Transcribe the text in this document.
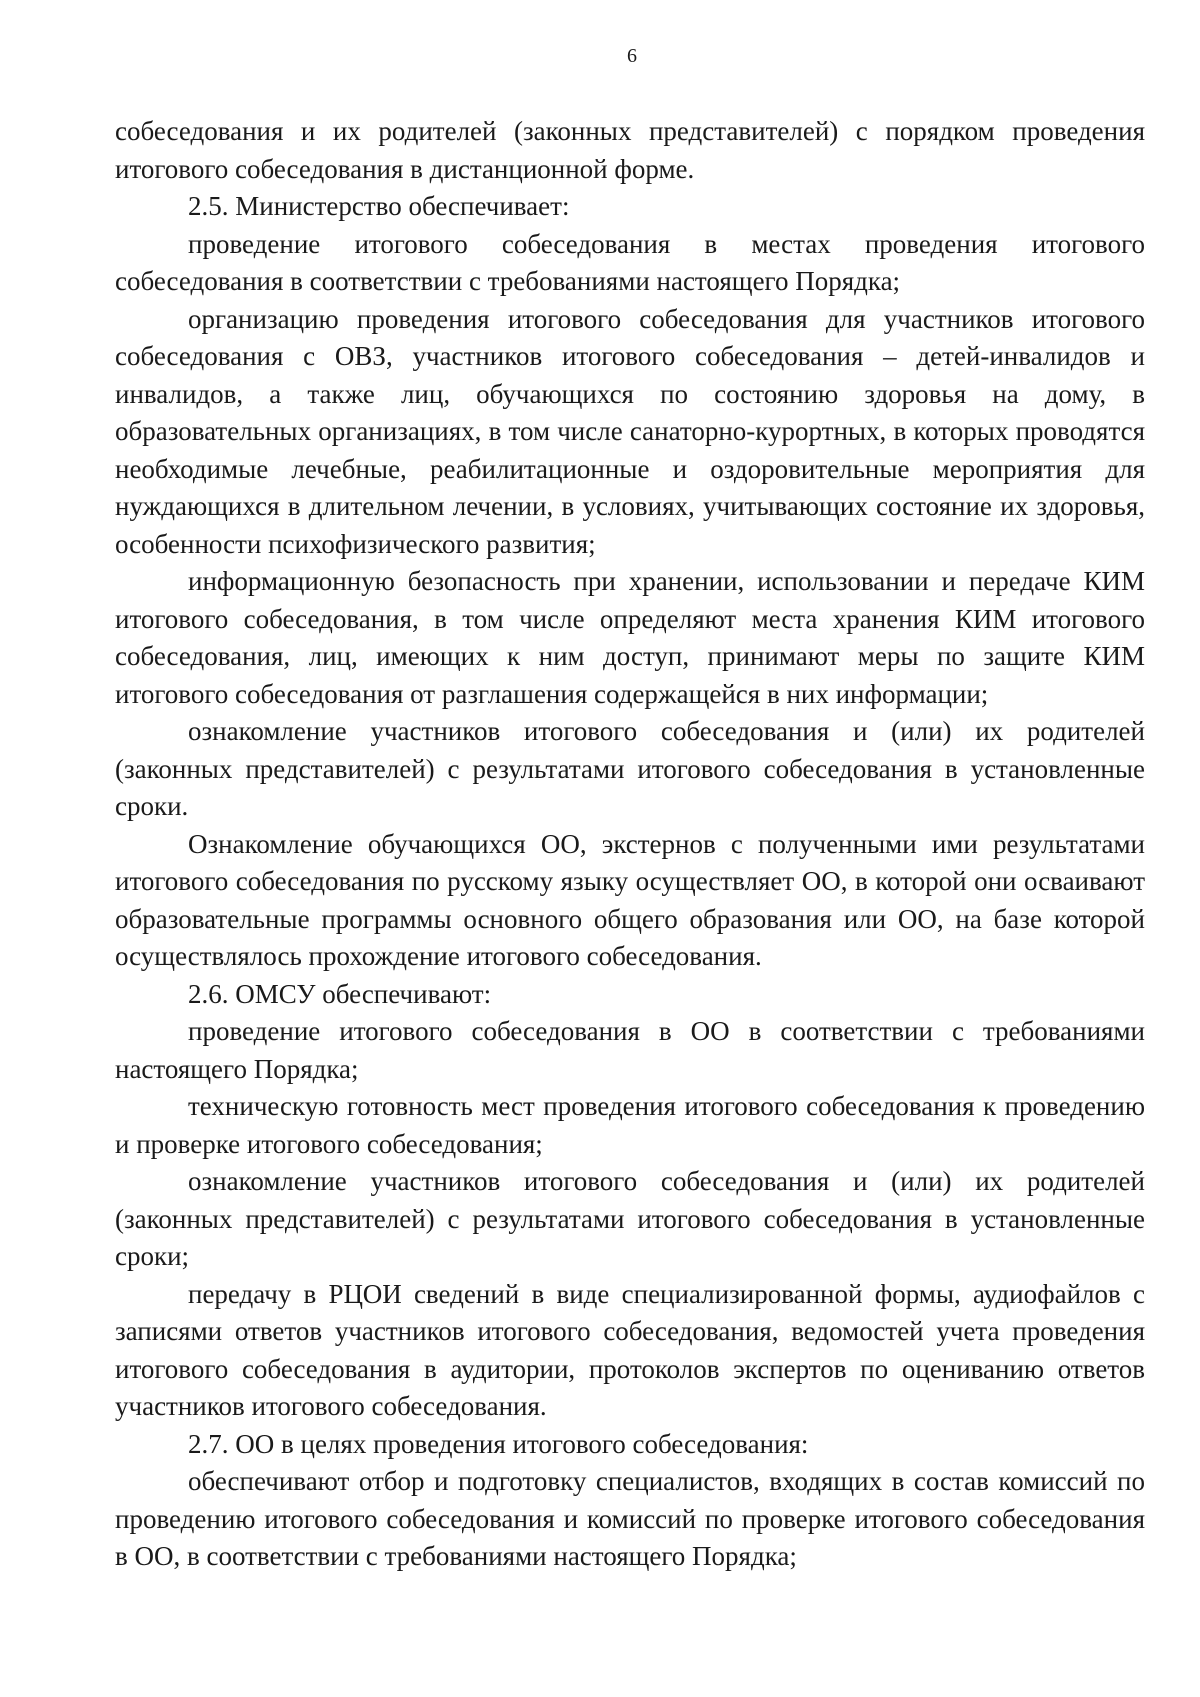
6

собеседования и их родителей (законных представителей) с порядком проведения итогового собеседования в дистанционной форме.

2.5. Министерство обеспечивает:

проведение итогового собеседования в местах проведения итогового собеседования в соответствии с требованиями настоящего Порядка;

организацию проведения итогового собеседования для участников итогового собеседования с ОВЗ, участников итогового собеседования – детей-инвалидов и инвалидов, а также лиц, обучающихся по состоянию здоровья на дому, в образовательных организациях, в том числе санаторно-курортных, в которых проводятся необходимые лечебные, реабилитационные и оздоровительные мероприятия для нуждающихся в длительном лечении, в условиях, учитывающих состояние их здоровья, особенности психофизического развития;

информационную безопасность при хранении, использовании и передаче КИМ итогового собеседования, в том числе определяют места хранения КИМ итогового собеседования, лиц, имеющих к ним доступ, принимают меры по защите КИМ итогового собеседования от разглашения содержащейся в них информации;

ознакомление участников итогового собеседования и (или) их родителей (законных представителей) с результатами итогового собеседования в установленные сроки.

Ознакомление обучающихся ОО, экстернов с полученными ими результатами итогового собеседования по русскому языку осуществляет ОО, в которой они осваивают образовательные программы основного общего образования или ОО, на базе которой осуществлялось прохождение итогового собеседования.

2.6. ОМСУ обеспечивают:

проведение итогового собеседования в ОО в соответствии с требованиями настоящего Порядка;

техническую готовность мест проведения итогового собеседования к проведению и проверке итогового собеседования;

ознакомление участников итогового собеседования и (или) их родителей (законных представителей) с результатами итогового собеседования в установленные сроки;

передачу в РЦОИ сведений в виде специализированной формы, аудиофайлов с записями ответов участников итогового собеседования, ведомостей учета проведения итогового собеседования в аудитории, протоколов экспертов по оцениванию ответов участников итогового собеседования.

2.7. ОО в целях проведения итогового собеседования:

обеспечивают отбор и подготовку специалистов, входящих в состав комиссий по проведению итогового собеседования и комиссий по проверке итогового собеседования в ОО, в соответствии с требованиями настоящего Порядка;
